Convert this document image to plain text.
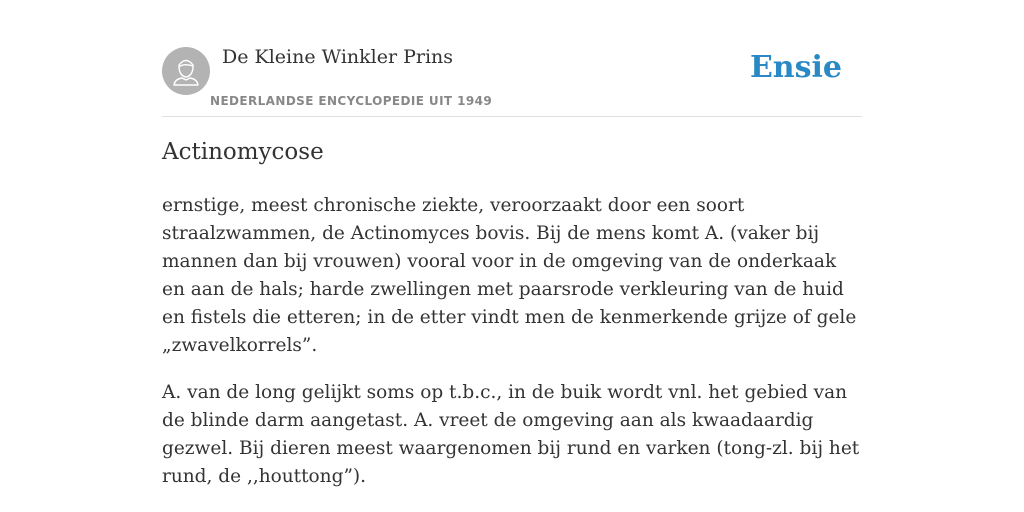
De Kleine Winkler Prins
NEDERLANDSE ENCYCLOPEDIE UIT 1949
Ensie
Actinomycose

ernstige, meest chronische ziekte, veroorzaakt door een soort straalzwammen, de Actinomyces bovis. Bij de mens komt A. (vaker bij mannen dan bij vrouwen) vooral voor in de omgeving van de onderkaak en aan de hals; harde zwellingen met paarsrode verkleuring van de huid en fistels die etteren; in de etter vindt men de kenmerkende grijze of gele „zwavelkorrels”.

A. van de long gelijkt soms op t.b.c., in de buik wordt vnl. het gebied van de blinde darm aangetast. A. vreet de omgeving aan als kwaadaardig gezwel. Bij dieren meest waargenomen bij rund en varken (tong-zl. bij het rund, de ,,houttong”).
